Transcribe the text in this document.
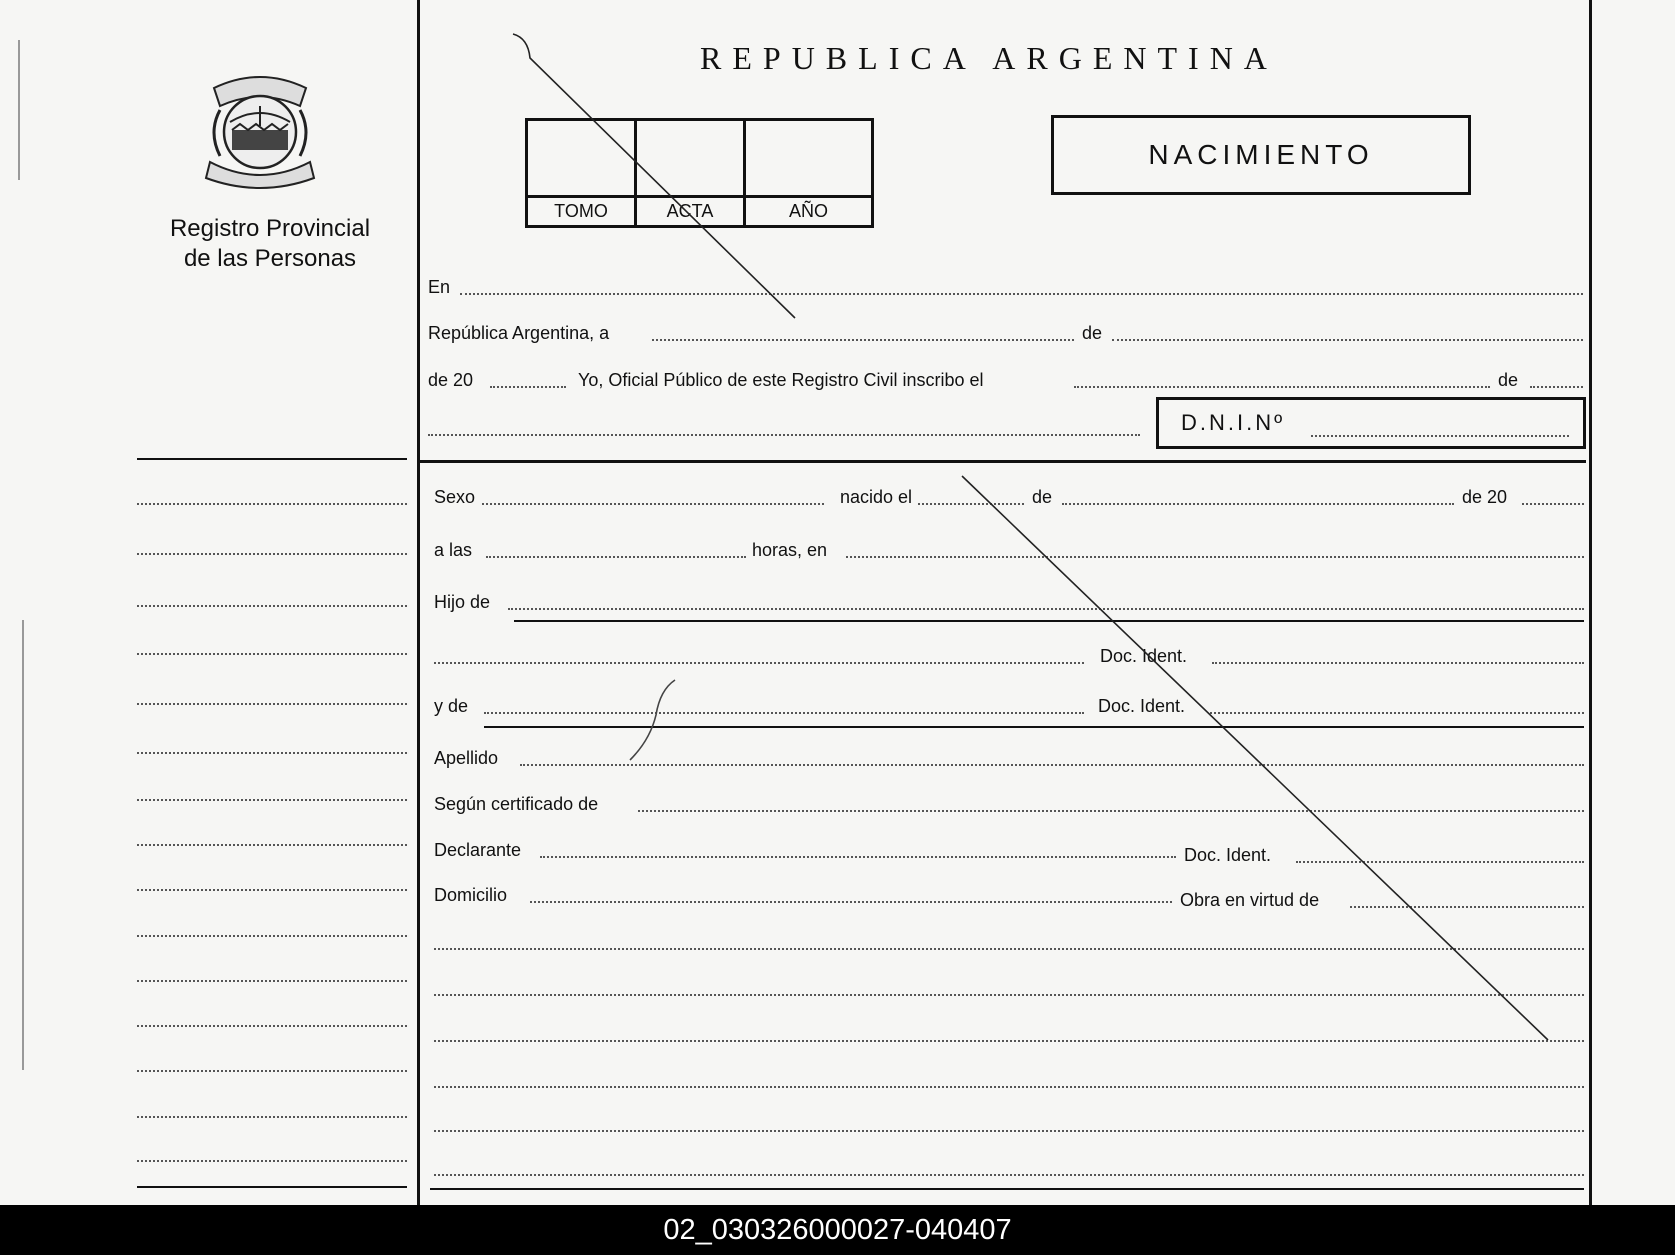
Registro Provincial
de las Personas
REPUBLICA ARGENTINA
TOMO	ACTA	AÑO
NACIMIENTO
En
República Argentina, a	de
de 20	Yo, Oficial Público de este Registro Civil inscribo el	de
D.N.I.Nº
Sexo	nacido el	de	de 20
a las	horas, en
Hijo de
Doc. Ident.
y de	Doc. Ident.
Apellido
Según certificado de
Declarante	Doc. Ident.
Domicilio	Obra en virtud de
02_030326000027-040407
